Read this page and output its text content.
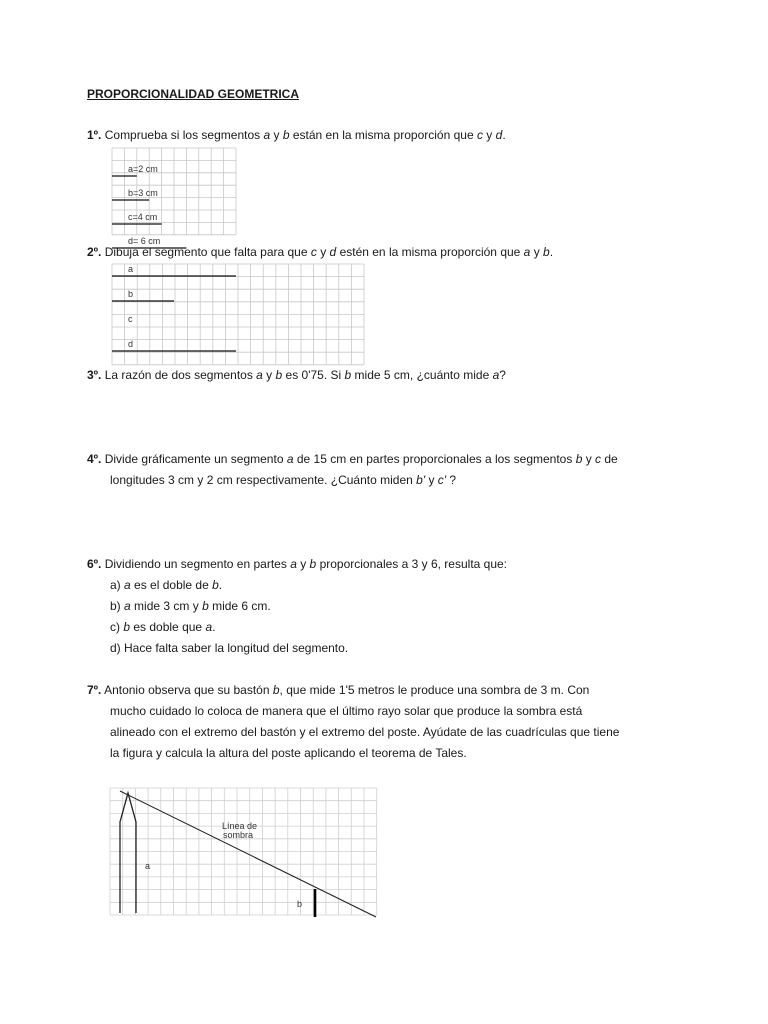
PROPORCIONALIDAD GEOMETRICA
1º. Comprueba si los segmentos a y b están en la misma proporción que c y d.
a=2 cm
b=3 cm
c=4 cm
d= 6 cm
2º. Dibuja el segmento que falta para que c y d estén en la misma proporción que a y b.
a
b
c
d
3º. La razón de dos segmentos a y b es 0'75. Si b mide 5 cm, ¿cuánto mide a?
4º. Divide gráficamente un segmento a de 15 cm en partes proporcionales a los segmentos b y c de
longitudes 3 cm y 2 cm respectivamente. ¿Cuánto miden b' y c' ?
6º. Dividiendo un segmento en partes a y b proporcionales a 3 y 6, resulta que:
a) a es el doble de b.
b) a mide 3 cm y b mide 6 cm.
c) b es doble que a.
d) Hace falta saber la longitud del segmento.
7º. Antonio observa que su bastón b, que mide 1'5 metros le produce una sombra de 3 m. Con
mucho cuidado lo coloca de manera que el último rayo solar que produce la sombra está
alineado con el extremo del bastón y el extremo del poste. Ayúdate de las cuadrículas que tiene
la figura y calcula la altura del poste aplicando el teorema de Tales.
Línea de
sombra
a
b
